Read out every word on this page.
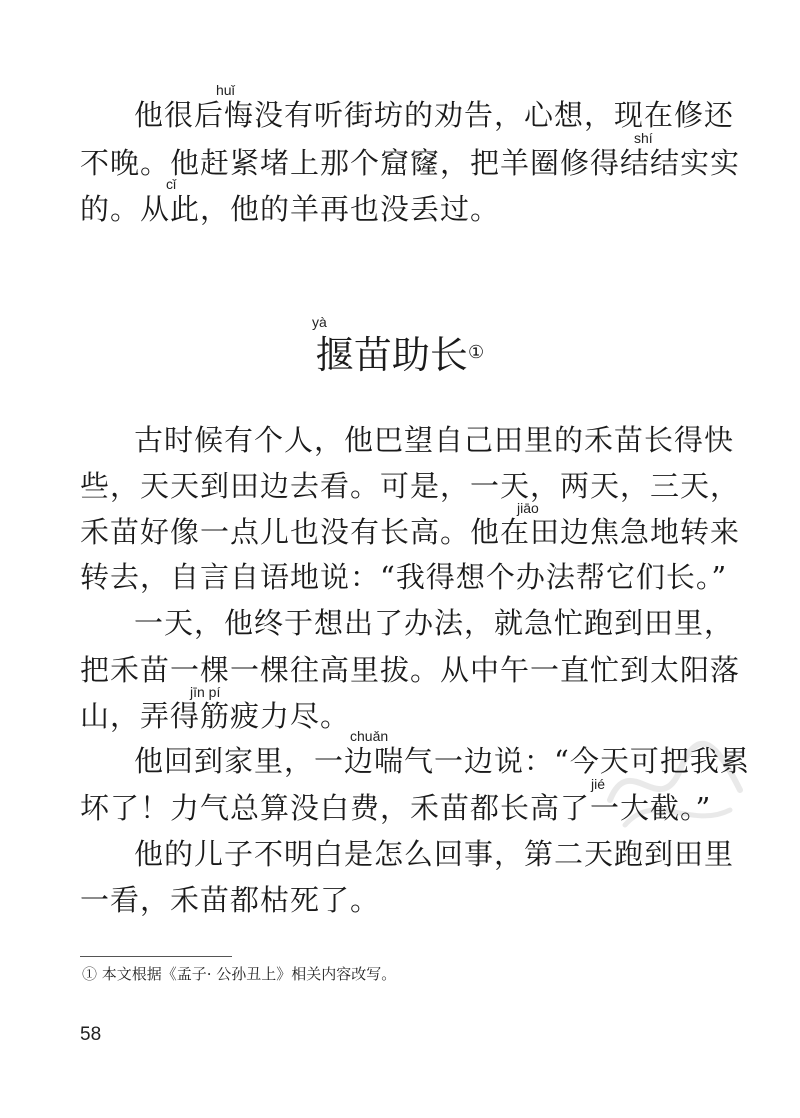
huǐ
他很后悔没有听街坊的劝告，心想，现在修还
shí
不晚。他赶紧堵上那个窟窿，把羊圈修得结结实实
cǐ
的。从此，他的羊再也没丢过。
yà
揠苗助长①
古时候有个人，他巴望自己田里的禾苗长得快
些，天天到田边去看。可是，一天，两天，三天，
jiāo
禾苗好像一点儿也没有长高。他在田边焦急地转来
转去，自言自语地说：“我得想个办法帮它们长。”
一天，他终于想出了办法，就急忙跑到田里，
把禾苗一棵一棵往高里拔。从中午一直忙到太阳落
jīn pí
山，弄得筋疲力尽。
chuǎn
他回到家里，一边喘气一边说：“今天可把我累
jié
坏了！力气总算没白费，禾苗都长高了一大截。”
他的儿子不明白是怎么回事，第二天跑到田里
一看，禾苗都枯死了。
① 本文根据《孟子· 公孙丑上》相关内容改写。
58
